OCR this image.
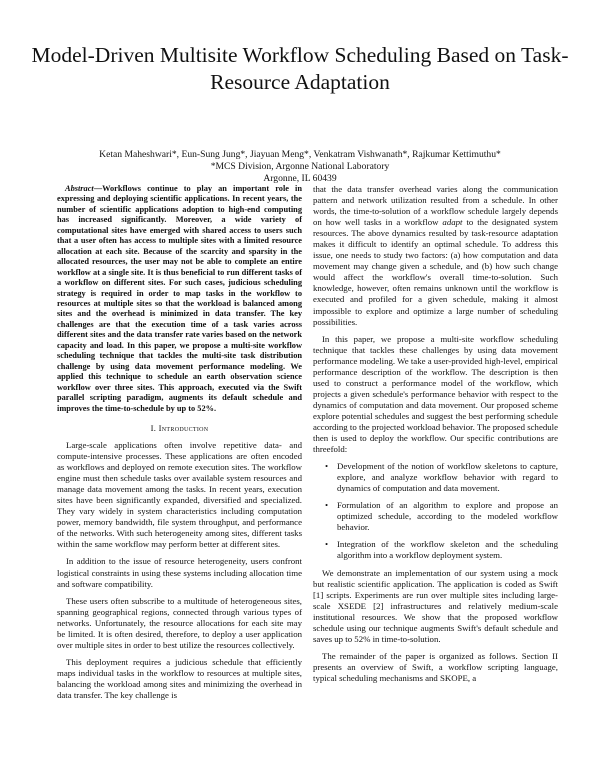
Model-Driven Multisite Workflow Scheduling Based on Task-Resource Adaptation
Ketan Maheshwari*, Eun-Sung Jung*, Jiayuan Meng*, Venkatram Vishwanath*, Rajkumar Kettimuthu*
*MCS Division, Argonne National Laboratory
Argonne, IL 60439

Abstract—Workflows continue to play an important role in expressing and deploying scientific applications. In recent years, the number of scientific applications adoption to high-end computing has increased significantly. Moreover, a wide variety of computational sites have emerged with shared access to users such that a user often has access to multiple sites with a limited resource allocation at each site. Because of the scarcity and sparsity in the allocated resources, the user may not be able to complete an entire workflow at a single site. It is thus beneficial to run different tasks of a workflow on different sites. For such cases, judicious scheduling strategy is required in order to map tasks in the workflow to resources at multiple sites so that the workload is balanced among sites and the overhead is minimized in data transfer. The key challenges are that the execution time of a task varies across different sites and the data transfer rate varies based on the network capacity and load. In this paper, we propose a multi-site workflow scheduling technique that tackles the multi-site task distribution challenge by using data movement performance modeling. We applied this technique to schedule an earth observation science workflow over three sites. This approach, executed via the Swift parallel scripting paradigm, augments its default schedule and improves the time-to-schedule by up to 52%.

I. Introduction

Large-scale applications often involve repetitive data- and compute-intensive processes. These applications are often encoded as workflows and deployed on remote execution sites. The workflow engine must then schedule tasks over available system resources and manage data movement among the tasks. In recent years, execution sites have been significantly expanded, diversified and specialized. They vary widely in system characteristics including computation power, memory bandwidth, file system throughput, and performance of the networks. With such heterogeneity among sites, different tasks within the same workflow may perform better at different sites.

In addition to the issue of resource heterogeneity, users confront logistical constraints in using these systems including allocation time and software compatibility.

These users often subscribe to a multitude of heterogeneous sites, spanning geographical regions, connected through various types of networks. Unfortunately, the resource allocations for each site may be limited. It is often desired, therefore, to deploy a user application over multiple sites in order to best utilize the resources collectively.

This deployment requires a judicious schedule that efficiently maps individual tasks in the workflow to resources at multiple sites, balancing the workload among sites and minimizing the overhead in data transfer. The key challenge is

that the data transfer overhead varies along the communication pattern and network utilization resulted from a schedule. In other words, the time-to-solution of a workflow schedule largely depends on how well tasks in a workflow adapt to the designated system resources. The above dynamics resulted by task-resource adaptation makes it difficult to identify an optimal schedule. To address this issue, one needs to study two factors: (a) how computation and data movement may change given a schedule, and (b) how such change would affect the workflow's overall time-to-solution. Such knowledge, however, often remains unknown until the workflow is executed and profiled for a given schedule, making it almost impossible to explore and optimize a large number of scheduling possibilities.

In this paper, we propose a multi-site workflow scheduling technique that tackles these challenges by using data movement performance modeling. We take a user-provided high-level, empirical performance description of the workflow. The description is then used to construct a performance model of the workflow, which projects a given schedule's performance behavior with respect to the dynamics of computation and data movement. Our proposed scheme explore potential schedules and suggest the best performing schedule according to the projected workload behavior. The proposed schedule then is used to deploy the workflow. Our specific contributions are threefold:

• Development of the notion of workflow skeletons to capture, explore, and analyze workflow behavior with regard to dynamics of computation and data movement.
• Formulation of an algorithm to explore and propose an optimized schedule, according to the modeled workflow behavior.
• Integration of the workflow skeleton and the scheduling algorithm into a workflow deployment system.

We demonstrate an implementation of our system using a mock but realistic scientific application. The application is coded as Swift [1] scripts. Experiments are run over multiple sites including large-scale XSEDE [2] infrastructures and relatively medium-scale institutional resources. We show that the proposed workflow schedule using our technique augments Swift's default schedule and saves up to 52% in time-to-solution.

The remainder of the paper is organized as follows. Section II presents an overview of Swift, a workflow scripting language, typical scheduling mechanisms and SKOPE, a
